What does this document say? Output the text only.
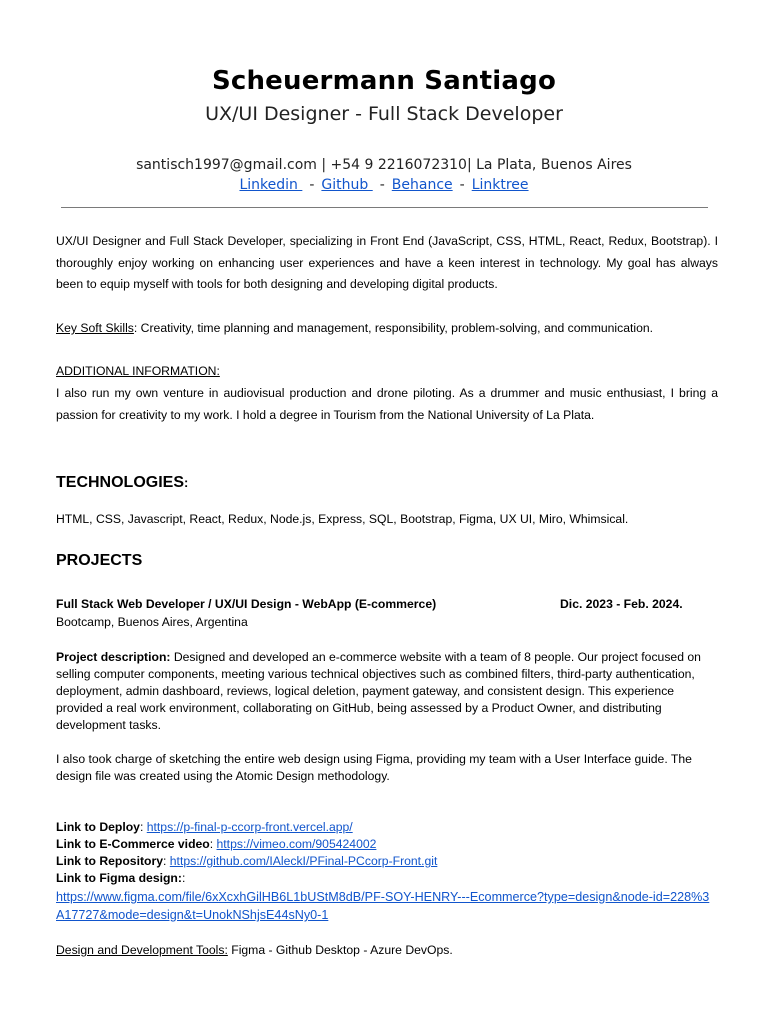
Scheuermann Santiago
UX/UI Designer - Full Stack Developer
santisch1997@gmail.com | +54 9 2216072310| La Plata, Buenos Aires
Linkedin - Github - Behance - Linktree
UX/UI Designer and Full Stack Developer, specializing in Front End (JavaScript, CSS, HTML, React, Redux, Bootstrap). I thoroughly enjoy working on enhancing user experiences and have a keen interest in technology. My goal has always been to equip myself with tools for both designing and developing digital products.
Key Soft Skills: Creativity, time planning and management, responsibility, problem-solving, and communication.
ADDITIONAL INFORMATION:
I also run my own venture in audiovisual production and drone piloting. As a drummer and music enthusiast, I bring a passion for creativity to my work. I hold a degree in Tourism from the National University of La Plata.
TECHNOLOGIES:
HTML, CSS, Javascript, React, Redux, Node.js, Express, SQL, Bootstrap, Figma, UX UI, Miro, Whimsical.
PROJECTS
Full Stack Web Developer / UX/UI Design - WebApp (E-commerce)	Dic. 2023 - Feb. 2024.
Bootcamp, Buenos Aires, Argentina
Project description: Designed and developed an e-commerce website with a team of 8 people. Our project focused on selling computer components, meeting various technical objectives such as combined filters, third-party authentication, deployment, admin dashboard, reviews, logical deletion, payment gateway, and consistent design. This experience provided a real work environment, collaborating on GitHub, being assessed by a Product Owner, and distributing development tasks.
I also took charge of sketching the entire web design using Figma, providing my team with a User Interface guide. The design file was created using the Atomic Design methodology.
Link to Deploy: https://p-final-p-ccorp-front.vercel.app/
Link to E-Commerce video: https://vimeo.com/905424002
Link to Repository: https://github.com/IAleckI/PFinal-PCcorp-Front.git
Link to Figma design::
https://www.figma.com/file/6xXcxhGilHB6L1bUStM8dB/PF-SOY-HENRY---Ecommerce?type=design&node-id=228%3A17727&mode=design&t=UnokNShjsE44sNy0-1
Design and Development Tools: Figma - Github Desktop - Azure DevOps.
